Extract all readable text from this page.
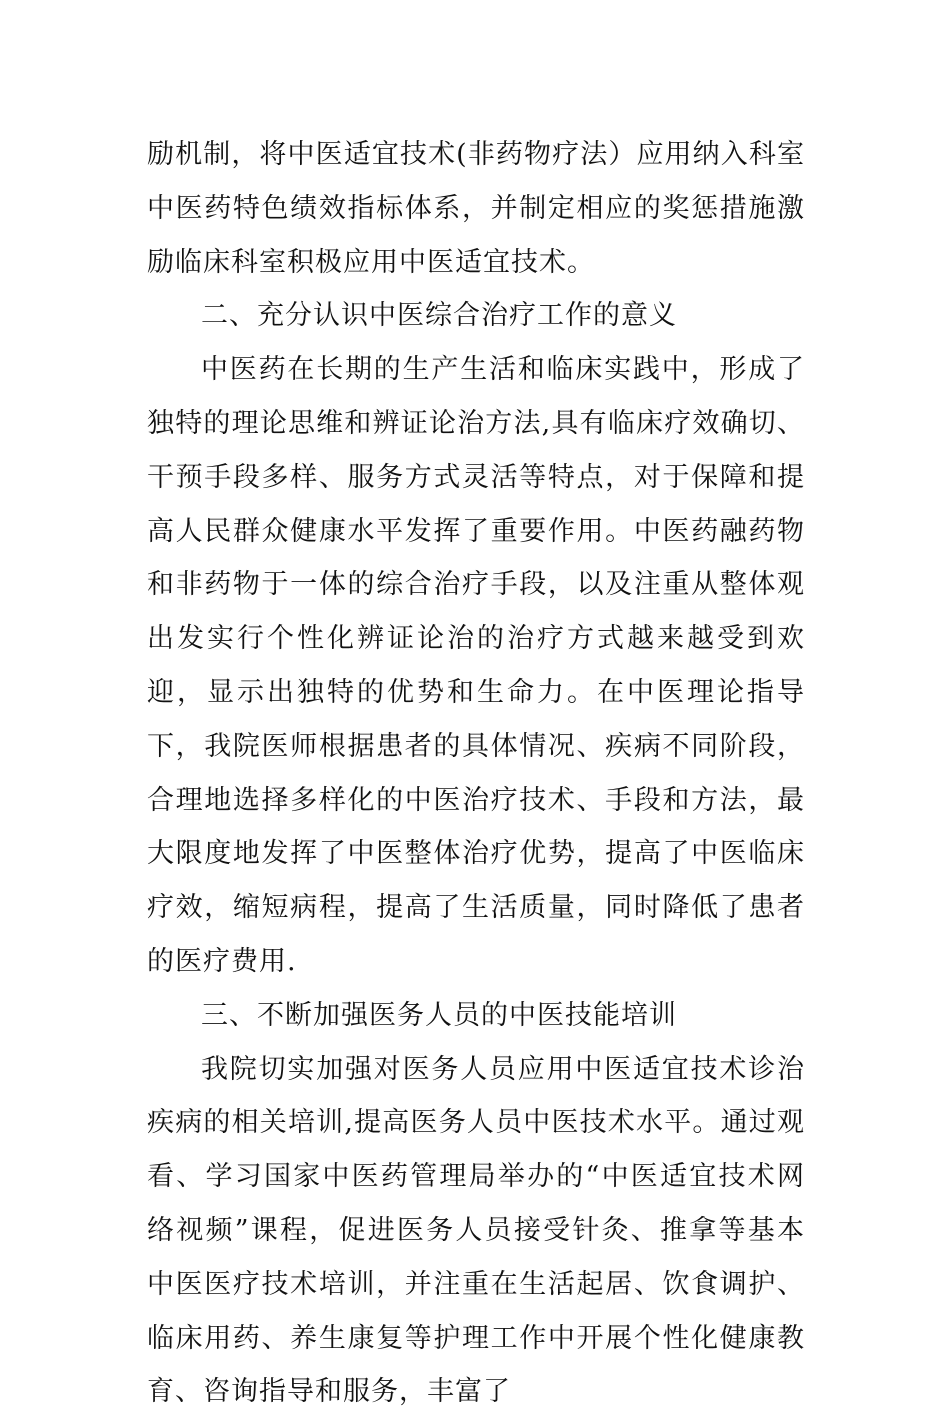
励机制，将中医适宜技术(非药物疗法）应用纳入科室中医药特色绩效指标体系，并制定相应的奖惩措施激励临床科室积极应用中医适宜技术。

二、充分认识中医综合治疗工作的意义

中医药在长期的生产生活和临床实践中，形成了独特的理论思维和辨证论治方法,具有临床疗效确切、干预手段多样、服务方式灵活等特点，对于保障和提高人民群众健康水平发挥了重要作用。中医药融药物和非药物于一体的综合治疗手段，以及注重从整体观出发实行个性化辨证论治的治疗方式越来越受到欢迎，显示出独特的优势和生命力。在中医理论指导下，我院医师根据患者的具体情况、疾病不同阶段，合理地选择多样化的中医治疗技术、手段和方法，最大限度地发挥了中医整体治疗优势，提高了中医临床疗效，缩短病程，提高了生活质量，同时降低了患者的医疗费用.

三、不断加强医务人员的中医技能培训

我院切实加强对医务人员应用中医适宜技术诊治疾病的相关培训,提高医务人员中医技术水平。通过观看、学习国家中医药管理局举办的“中医适宜技术网络视频”课程，促进医务人员接受针灸、推拿等基本中医医疗技术培训，并注重在生活起居、饮食调护、临床用药、养生康复等护理工作中开展个性化健康教育、咨询指导和服务，丰富了
